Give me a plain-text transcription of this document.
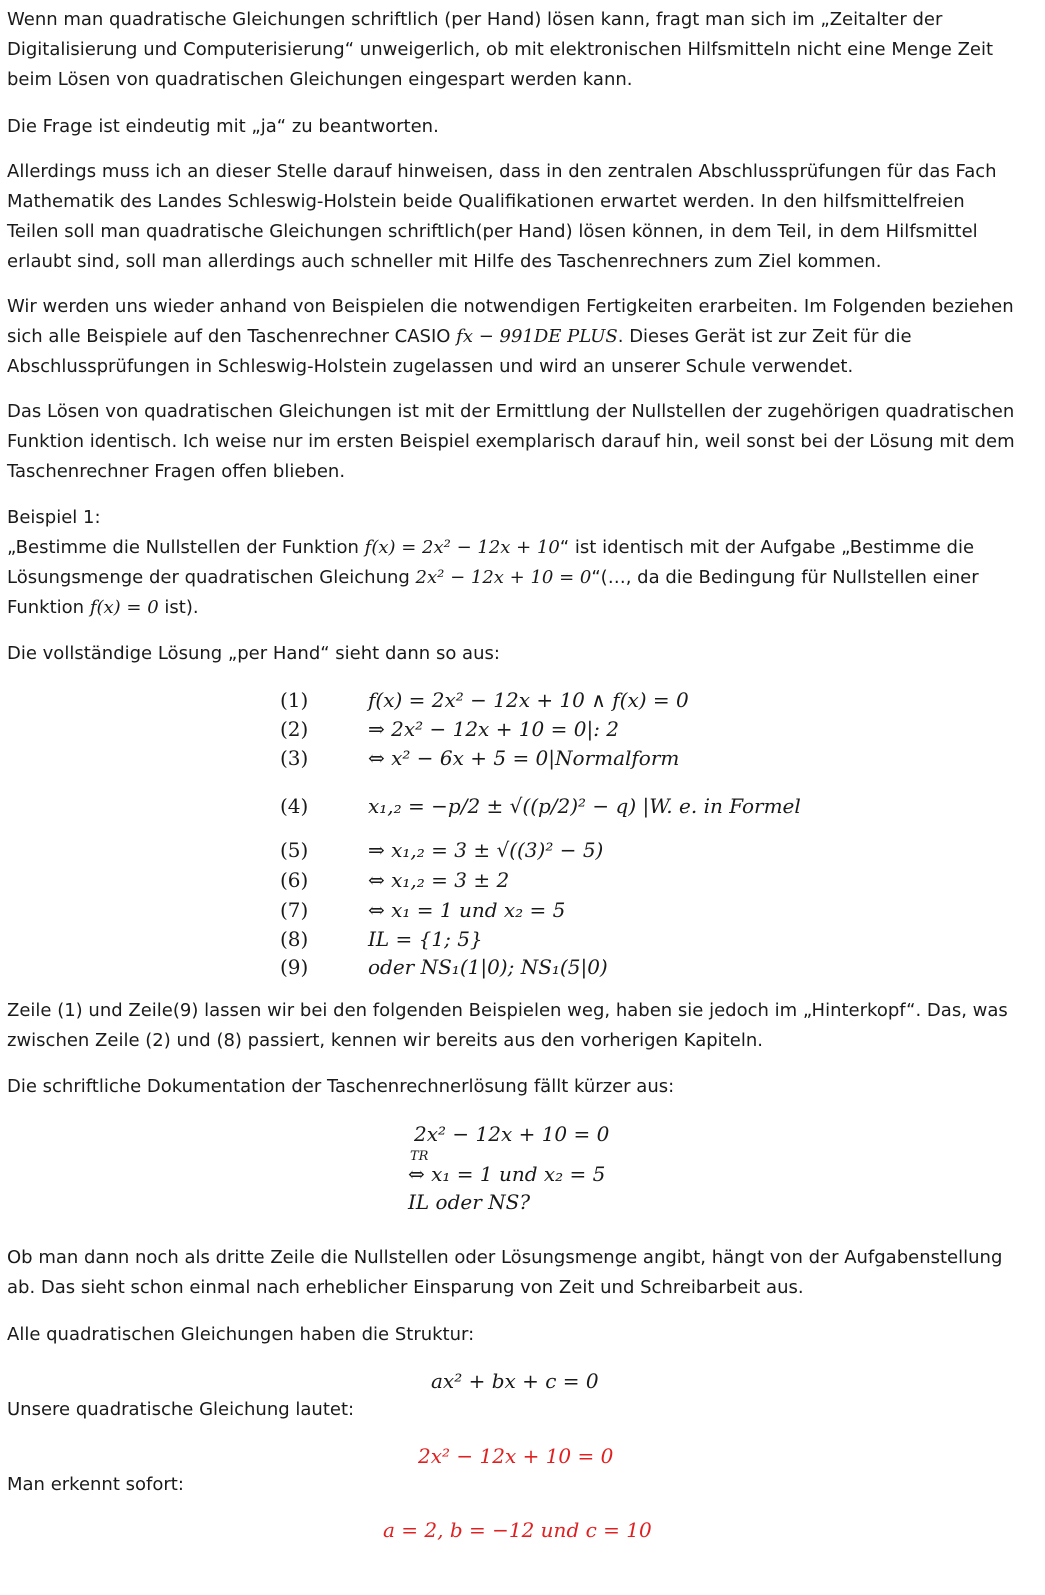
Wenn man quadratische Gleichungen schriftlich (per Hand) lösen kann, fragt man sich im „Zeitalter der Digitalisierung und Computerisierung“ unweigerlich, ob mit elektronischen Hilfsmitteln nicht eine Menge Zeit beim Lösen von quadratischen Gleichungen eingespart werden kann.

Die Frage ist eindeutig mit „ja“ zu beantworten.

Allerdings muss ich an dieser Stelle darauf hinweisen, dass in den zentralen Abschlussprüfungen für das Fach Mathematik des Landes Schleswig-Holstein beide Qualifikationen erwartet werden. In den hilfsmittelfreien Teilen soll man quadratische Gleichungen schriftlich(per Hand) lösen können, in dem Teil, in dem Hilfsmittel erlaubt sind, soll man allerdings auch schneller mit Hilfe des Taschenrechners zum Ziel kommen.

Wir werden uns wieder anhand von Beispielen die notwendigen Fertigkeiten erarbeiten. Im Folgenden beziehen sich alle Beispiele auf den Taschenrechner CASIO fx − 991DE PLUS. Dieses Gerät ist zur Zeit für die Abschlussprüfungen in Schleswig-Holstein zugelassen und wird an unserer Schule verwendet.

Das Lösen von quadratischen Gleichungen ist mit der Ermittlung der Nullstellen der zugehörigen quadratischen Funktion identisch. Ich weise nur im ersten Beispiel exemplarisch darauf hin, weil sonst bei der Lösung mit dem Taschenrechner Fragen offen blieben.

Beispiel 1:

„Bestimme die Nullstellen der Funktion f(x) = 2x² − 12x + 10“ ist identisch mit der Aufgabe „Bestimme die Lösungsmenge der quadratischen Gleichung 2x² − 12x + 10 = 0“(…, da die Bedingung für Nullstellen einer Funktion f(x) = 0 ist).

Die vollständige Lösung „per Hand“ sieht dann so aus:

(1)	f(x) = 2x² − 12x + 10 ∧ f(x) = 0
(2)	⇒ 2x² − 12x + 10 = 0|: 2
(3)	⇔ x² − 6x + 5 = 0|Normalform
(4)	x₁,₂ = −p/2 ± √((p/2)² − q) |W. e. in Formel
(5)	⇒ x₁,₂ = 3 ± √((3)² − 5)
(6)	⇔ x₁,₂ = 3 ± 2
(7)	⇔ x₁ = 1 und x₂ = 5
(8)	IL = {1; 5}
(9)	oder NS₁(1|0); NS₁(5|0)

Zeile (1) und Zeile(9) lassen wir bei den folgenden Beispielen weg, haben sie jedoch im „Hinterkopf“. Das, was zwischen Zeile (2) und (8) passiert, kennen wir bereits aus den vorherigen Kapiteln.

Die schriftliche Dokumentation der Taschenrechnerlösung fällt kürzer aus:

2x² − 12x + 10 = 0
TR
⇔ x₁ = 1 und x₂ = 5
IL oder NS?

Ob man dann noch als dritte Zeile die Nullstellen oder Lösungsmenge angibt, hängt von der Aufgabenstellung ab. Das sieht schon einmal nach erheblicher Einsparung von Zeit und Schreibarbeit aus.

Alle quadratischen Gleichungen haben die Struktur:

ax² + bx + c = 0

Unsere quadratische Gleichung lautet:

2x² − 12x + 10 = 0

Man erkennt sofort:

a = 2, b = −12 und c = 10
